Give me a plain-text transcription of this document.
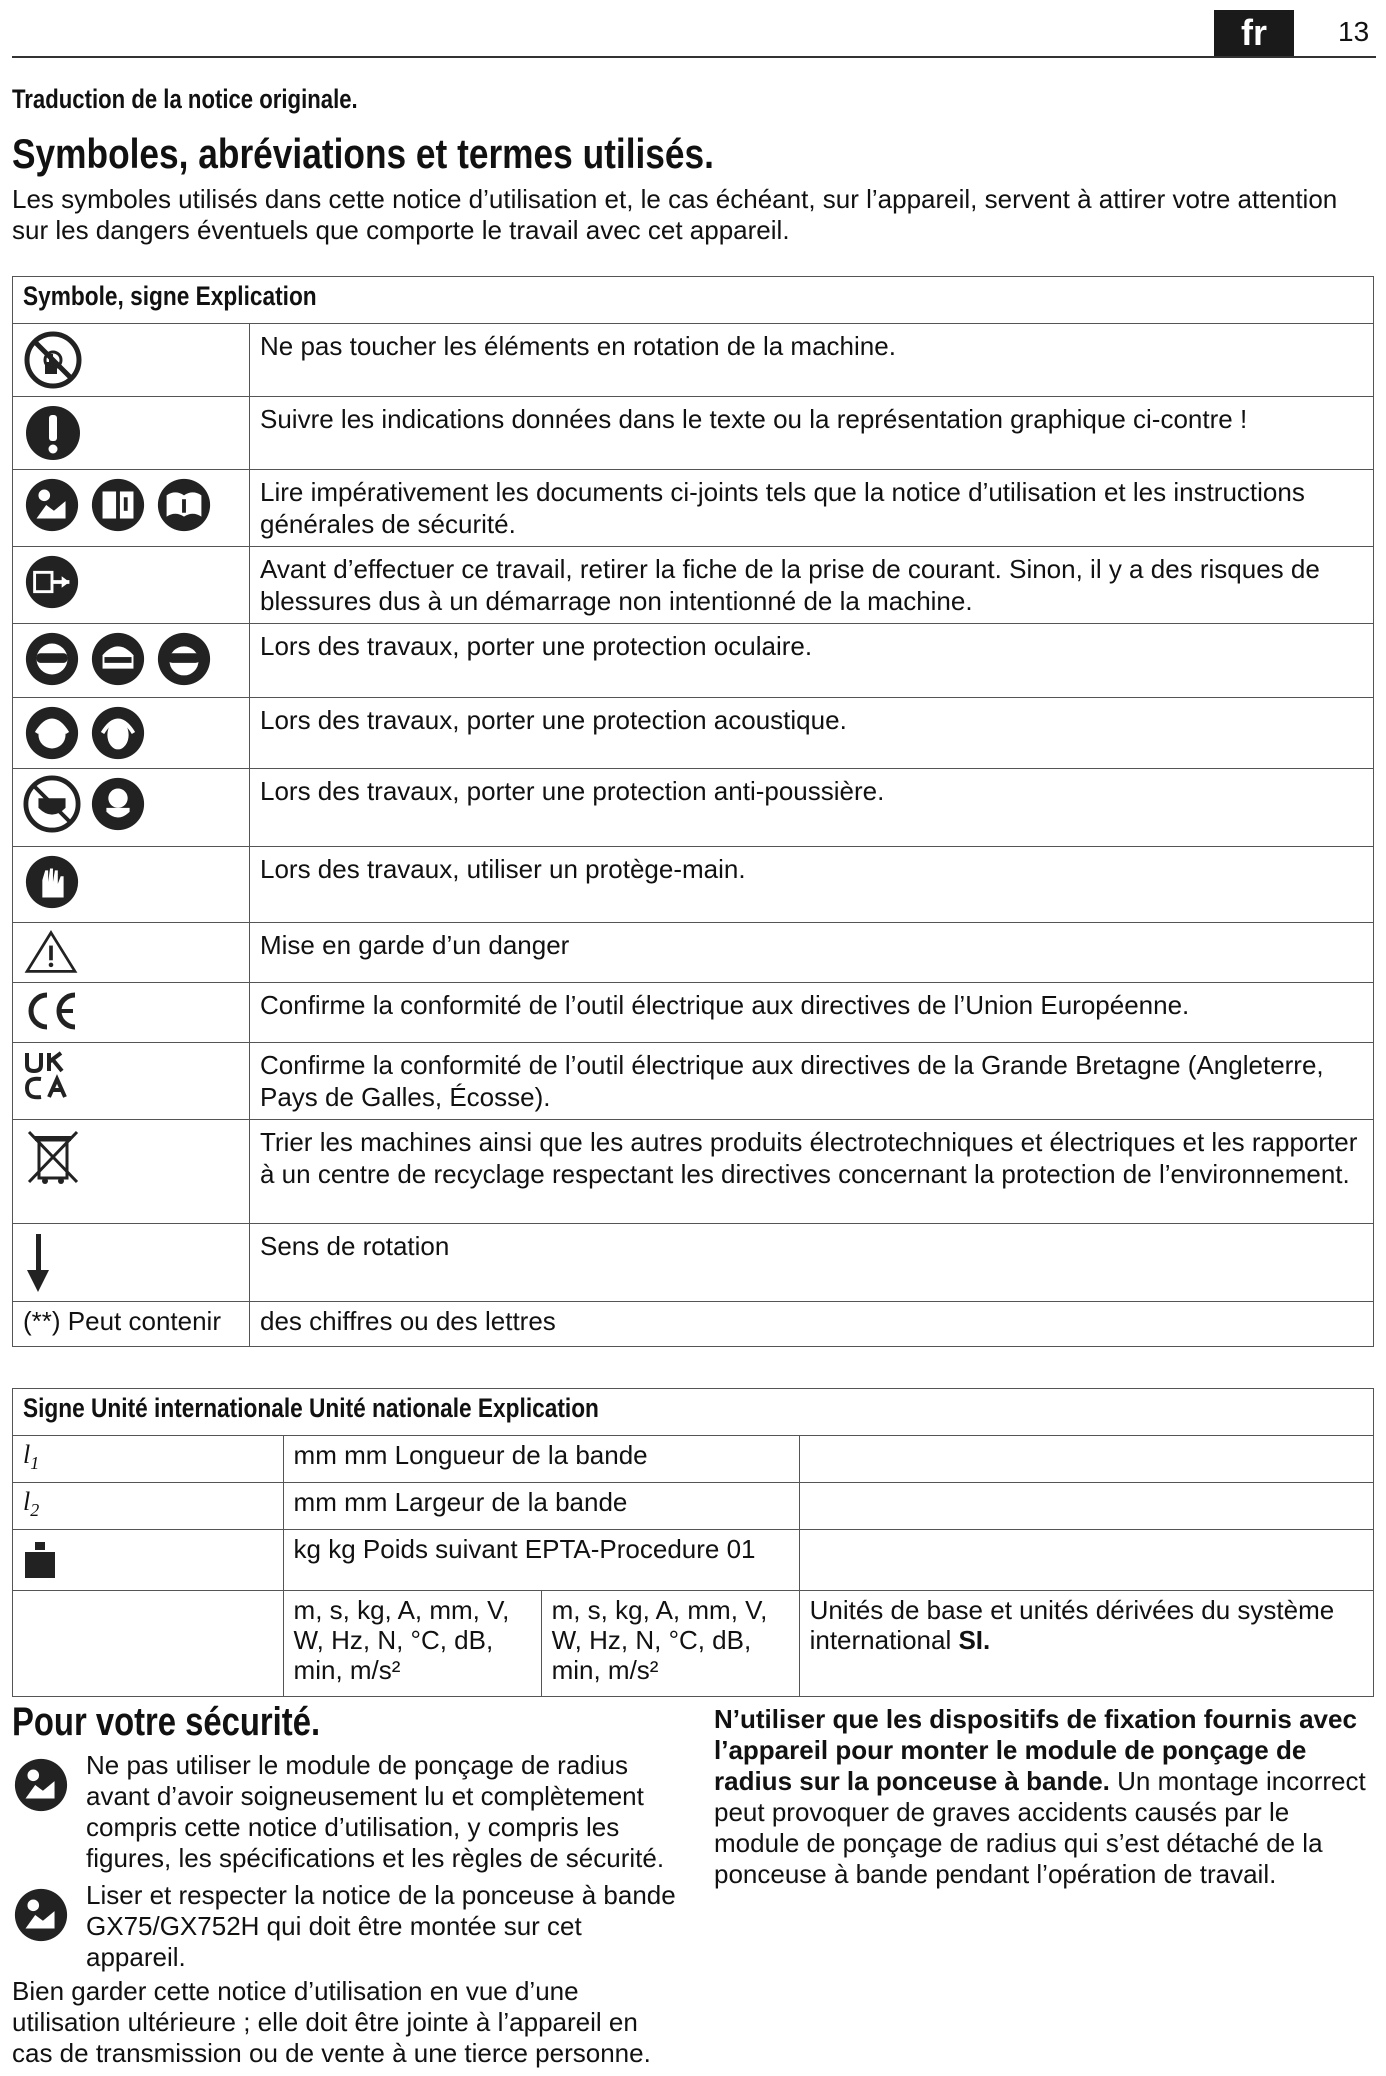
fr	13
Traduction de la notice originale.
Symboles, abréviations et termes utilisés.
Les symboles utilisés dans cette notice d’utilisation et, le cas échéant, sur l’appareil, servent à attirer votre attention sur les dangers éventuels que comporte le travail avec cet appareil.
Symbole, signe Explication	

	Ne pas toucher les éléments en rotation de la machine.

	Suivre les indications données dans le texte ou la représentation graphique ci-contre !

	Lire impérativement les documents ci-joints tels que la notice d’utilisation et les instructions générales de sécurité.

	Avant d’effectuer ce travail, retirer la fiche de la prise de courant. Sinon, il y a des risques de blessures dus à un démarrage non intentionné de la machine.

	Lors des travaux, porter une protection oculaire.

	Lors des travaux, porter une protection acoustique.

	Lors des travaux, porter une protection anti-poussière.

	Lors des travaux, utiliser un protège-main.

	Mise en garde d’un danger

	Confirme la conformité de l’outil électrique aux directives de l’Union Européenne.

	Confirme la conformité de l’outil électrique aux directives de la Grande Bretagne (Angleterre, Pays de Galles, Écosse).

	Trier les machines ainsi que les autres produits électrotechniques et électriques et les rapporter à un centre de recyclage respectant les directives concernant la protection de l’environnement.

	Sens de rotation
(**) Peut contenir	des chiffres ou des lettres
Signe Unité internationale Unité nationale Explication			
$l_1$	mm mm Longueur de la bande		
$l_2$	mm mm Largeur de la bande		
	kg kg Poids suivant EPTA-Procedure 01		
	m, s, kg, A, mm, V, W, Hz, N, °C, dB, min, m/s²	m, s, kg, A, mm, V, W, Hz, N, °C, dB, min, m/s²	Unités de base et unités dérivées du système international SI.
Pour votre sécurité.
Ne pas utiliser le module de ponçage de radius avant d’avoir soigneusement lu et complètement compris cette notice d’utilisation, y compris les figures, les spécifications et les règles de sécurité.
Liser et respecter la notice de la ponceuse à bande GX75/GX752H qui doit être montée sur cet appareil.
Bien garder cette notice d’utilisation en vue d’une utilisation ultérieure ; elle doit être jointe à l’appareil en cas de transmission ou de vente à une tierce personne.
N’utiliser que les dispositifs de fixation fournis avec l’appareil pour monter le module de ponçage de radius sur la ponceuse à bande. Un montage incorrect peut provoquer de graves accidents causés par le module de ponçage de radius qui s’est détaché de la ponceuse à bande pendant l’opération de travail.
